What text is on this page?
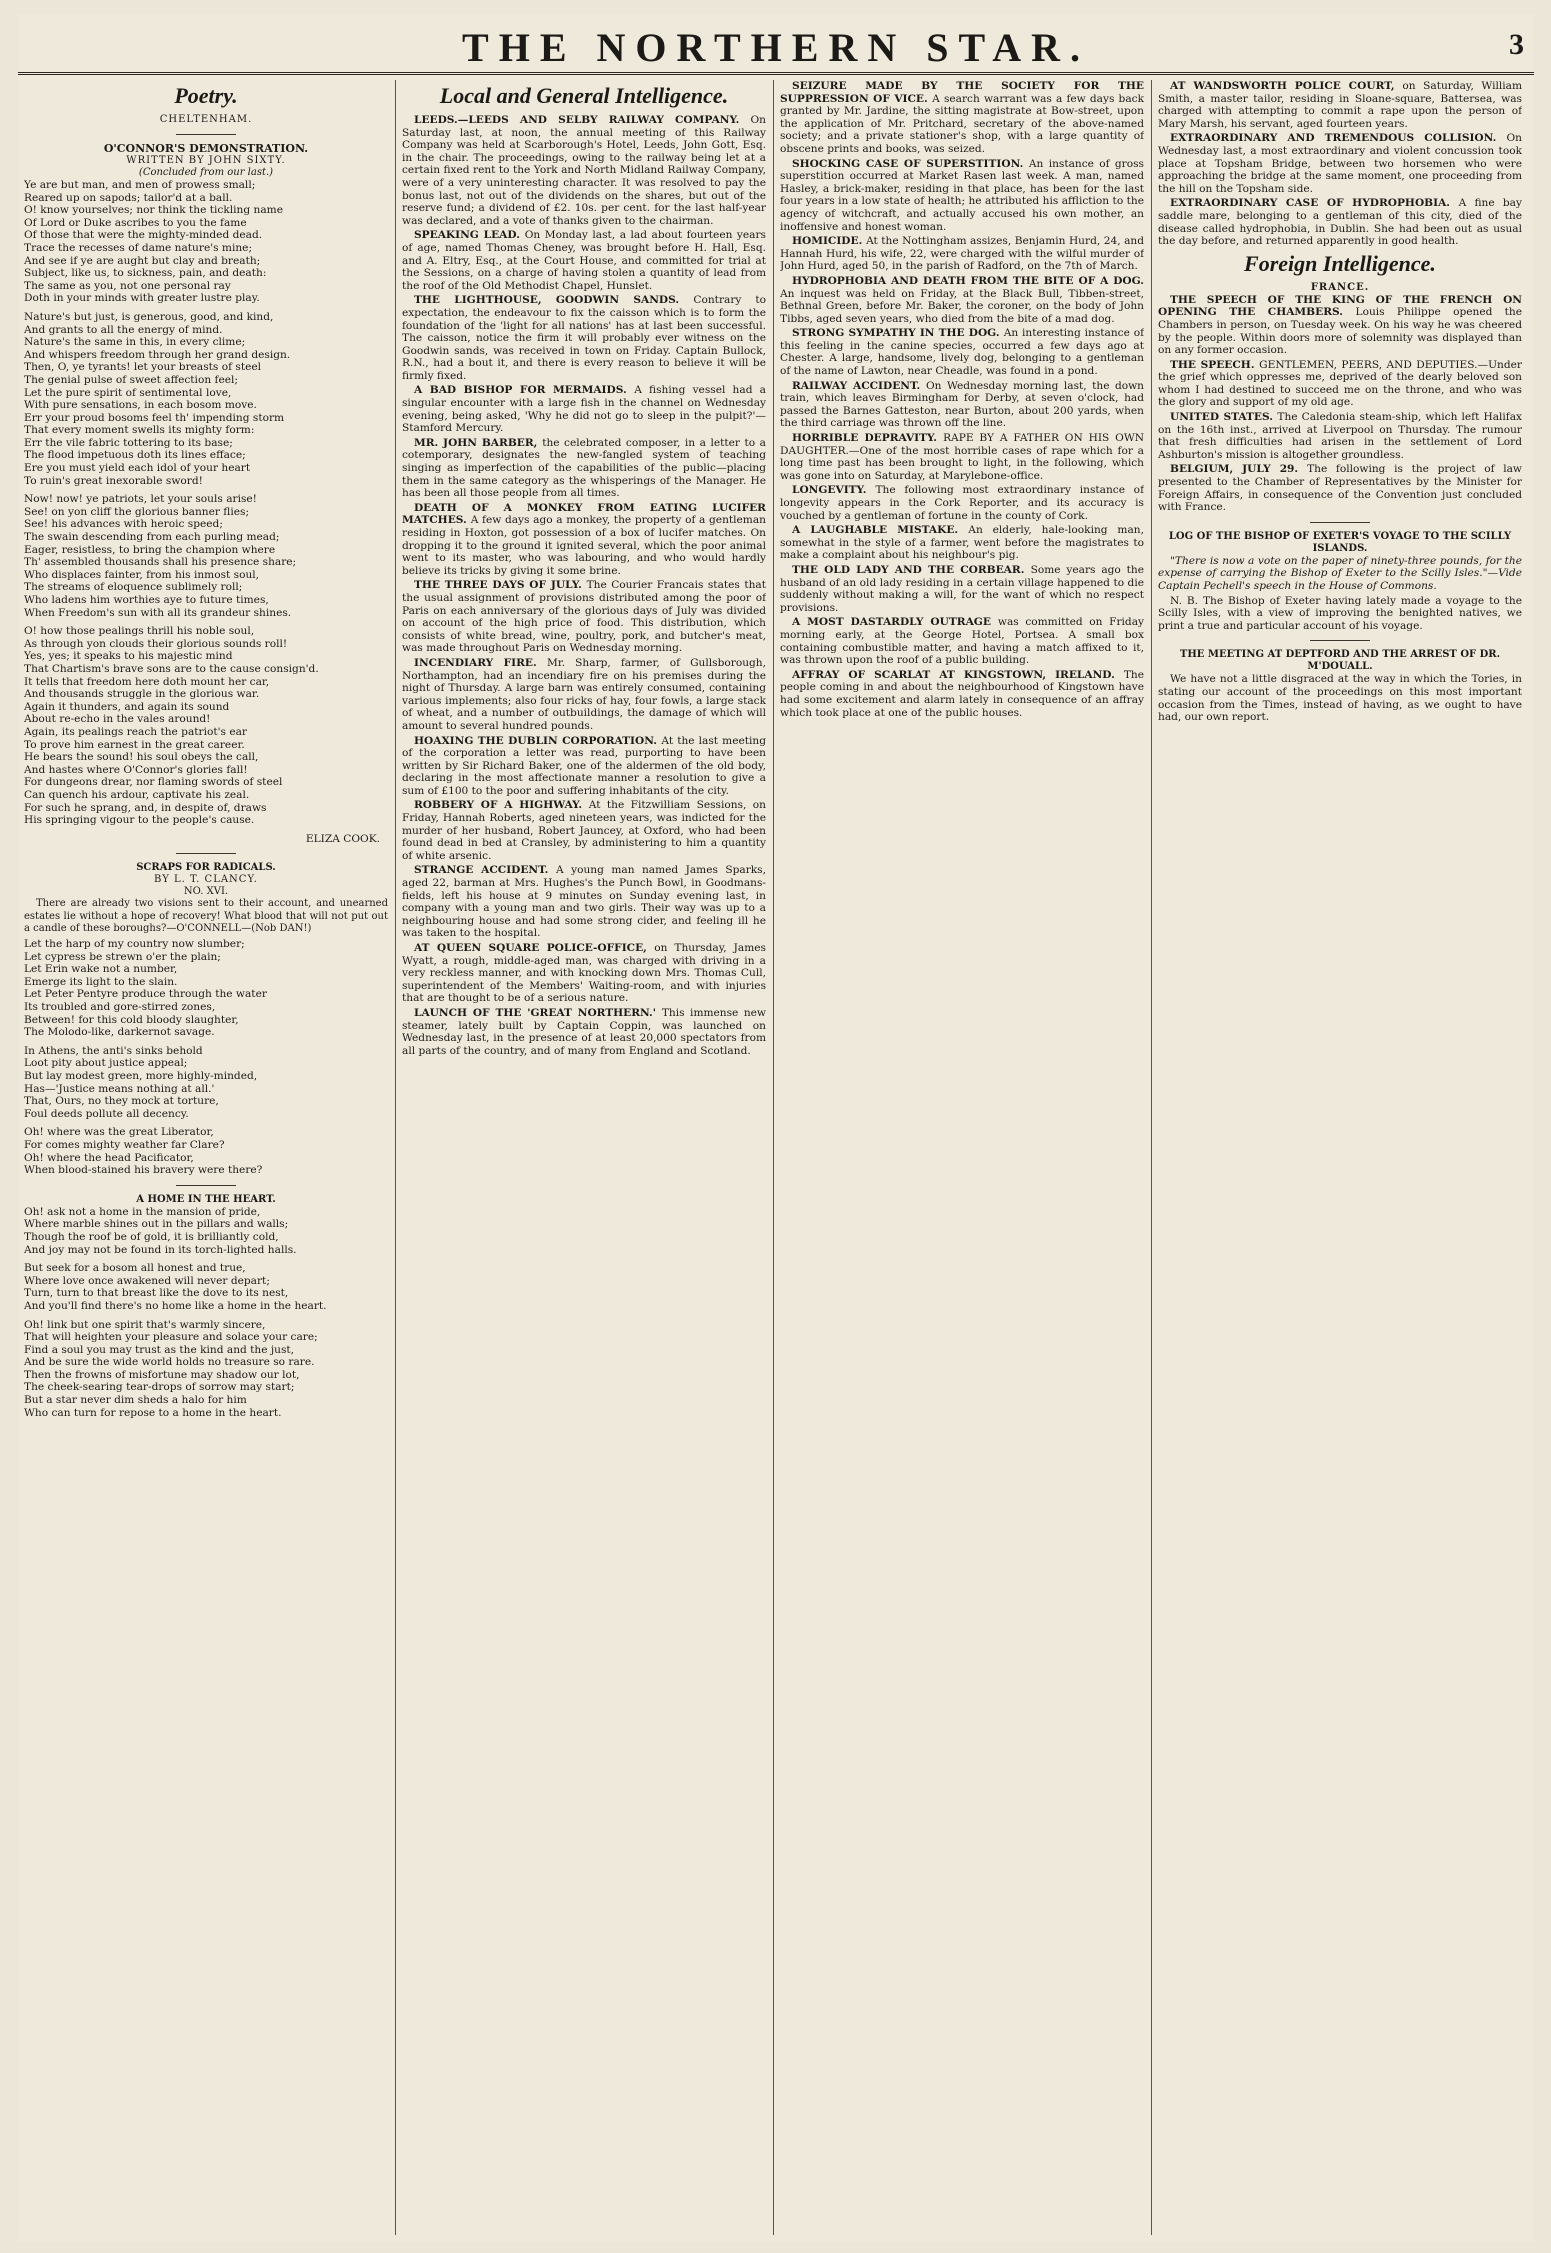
THE NORTHERN STAR.	3
Poetry.
CHELTENHAM.
O'CONNOR'S DEMONSTRATION.
WRITTEN BY JOHN SIXTY.
(Concluded from our last.)

Ye are but man, and men of prowess small;

Reared up on sapods; tailor'd at a ball.

O! know yourselves; nor think the tickling name

Of Lord or Duke ascribes to you the fame

Of those that were the mighty-minded dead.

Trace the recesses of dame nature's mine;

And see if ye are aught but clay and breath;

Subject, like us, to sickness, pain, and death:

The same as you, not one personal ray

Doth in your minds with greater lustre play.

Nature's but just, is generous, good, and kind,

And grants to all the energy of mind.

Nature's the same in this, in every clime;

And whispers freedom through her grand design.

Then, O, ye tyrants! let your breasts of steel

The genial pulse of sweet affection feel;

Let the pure spirit of sentimental love,

With pure sensations, in each bosom move.

Err your proud bosoms feel th' impending storm

That every moment swells its mighty form:

Err the vile fabric tottering to its base;

The flood impetuous doth its lines efface;

Ere you must yield each idol of your heart

To ruin's great inexorable sword!

Now! now! ye patriots, let your souls arise!

See! on yon cliff the glorious banner flies;

See! his advances with heroic speed;

The swain descending from each purling mead;

Eager, resistless, to bring the champion where

Th' assembled thousands shall his presence share;

Who displaces fainter, from his inmost soul,

The streams of eloquence sublimely roll;

Who ladens him worthies aye to future times,

When Freedom's sun with all its grandeur shines.

O! how those pealings thrill his noble soul,

As through yon clouds their glorious sounds roll!

Yes, yes; it speaks to his majestic mind

That Chartism's brave sons are to the cause consign'd.

It tells that freedom here doth mount her car,

And thousands struggle in the glorious war.

Again it thunders, and again its sound

About re-echo in the vales around!

Again, its pealings reach the patriot's ear

To prove him earnest in the great career.

He bears the sound! his soul obeys the call,

And hastes where O'Connor's glories fall!

For dungeons drear, nor flaming swords of steel

Can quench his ardour, captivate his zeal.

For such he sprang, and, in despite of, draws

His springing vigour to the people's cause.

ELIZA COOK.
SCRAPS FOR RADICALS.
BY L. T. CLANCY.
NO. XVI.

There are already two visions sent to their account, and unearned estates lie without a hope of recovery! What blood that will not put out a candle of these boroughs?—O'CONNELL—(Nob DAN!)

Let the harp of my country now slumber;

Let cypress be strewn o'er the plain;

Let Erin wake not a number,

Emerge its light to the slain.

Let Peter Pentyre produce through the water

Its troubled and gore-stirred zones,

Between! for this cold bloody slaughter,

The Molodo-like, darkernot savage.

In Athens, the anti's sinks behold

Loot pity about justice appeal;

But lay modest green, more highly-minded,

Has—'Justice means nothing at all.'

That, Ours, no they mock at torture,

Foul deeds pollute all decency.

Oh! where was the great Liberator,

For comes mighty weather far Clare?

Oh! where the head Pacificator,

When blood-stained his bravery were there?

A HOME IN THE HEART.

Oh! ask not a home in the mansion of pride,

Where marble shines out in the pillars and walls;

Though the roof be of gold, it is brilliantly cold,

And joy may not be found in its torch-lighted halls.

But seek for a bosom all honest and true,

Where love once awakened will never depart;

Turn, turn to that breast like the dove to its nest,

And you'll find there's no home like a home in the heart.

Oh! link but one spirit that's warmly sincere,

That will heighten your pleasure and solace your care;

Find a soul you may trust as the kind and the just,

And be sure the wide world holds no treasure so rare.

Then the frowns of misfortune may shadow our lot,

The cheek-searing tear-drops of sorrow may start;

But a star never dim sheds a halo for him

Who can turn for repose to a home in the heart.

Local and General Intelligence.

LEEDS.—LEEDS AND SELBY RAILWAY COMPANY. On Saturday last, at noon, the annual meeting of this Railway Company was held at Scarborough's Hotel, Leeds, John Gott, Esq. in the chair. The proceedings, owing to the railway being let at a certain fixed rent to the York and North Midland Railway Company, were of a very uninteresting character. It was resolved to pay the bonus last, not out of the dividends on the shares, but out of the reserve fund; a dividend of £2. 10s. per cent. for the last half-year was declared, and a vote of thanks given to the chairman.

SPEAKING LEAD. On Monday last, a lad about fourteen years of age, named Thomas Cheney, was brought before H. Hall, Esq. and A. Eltry, Esq., at the Court House, and committed for trial at the Sessions, on a charge of having stolen a quantity of lead from the roof of the Old Methodist Chapel, Hunslet.

THE LIGHTHOUSE, GOODWIN SANDS. Contrary to expectation, the endeavour to fix the caisson which is to form the foundation of the 'light for all nations' has at last been successful. The caisson, notice the firm it will probably ever witness on the Goodwin sands, was received in town on Friday. Captain Bullock, R.N., had a bout it, and there is every reason to believe it will be firmly fixed.

A BAD BISHOP FOR MERMAIDS. A fishing vessel had a singular encounter with a large fish in the channel on Wednesday evening, being asked, 'Why he did not go to sleep in the pulpit?'—Stamford Mercury.

MR. JOHN BARBER, the celebrated composer, in a letter to a cotemporary, designates the new-fangled system of teaching singing as imperfection of the capabilities of the public—placing them in the same category as the whisperings of the Manager. He has been all those people from all times.

DEATH OF A MONKEY FROM EATING LUCIFER MATCHES. A few days ago a monkey, the property of a gentleman residing in Hoxton, got possession of a box of lucifer matches. On dropping it to the ground it ignited several, which the poor animal went to its master, who was labouring, and who would hardly believe its tricks by giving it some brine.

THE THREE DAYS OF JULY. The Courier Francais states that the usual assignment of provisions distributed among the poor of Paris on each anniversary of the glorious days of July was divided on account of the high price of food. This distribution, which consists of white bread, wine, poultry, pork, and butcher's meat, was made throughout Paris on Wednesday morning.

INCENDIARY FIRE. Mr. Sharp, farmer, of Gullsborough, Northampton, had an incendiary fire on his premises during the night of Thursday. A large barn was entirely consumed, containing various implements; also four ricks of hay, four fowls, a large stack of wheat, and a number of outbuildings, the damage of which will amount to several hundred pounds.

HOAXING THE DUBLIN CORPORATION. At the last meeting of the corporation a letter was read, purporting to have been written by Sir Richard Baker, one of the aldermen of the old body, declaring in the most affectionate manner a resolution to give a sum of £100 to the poor and suffering inhabitants of the city.

ROBBERY OF A HIGHWAY. At the Fitzwilliam Sessions, on Friday, Hannah Roberts, aged nineteen years, was indicted for the murder of her husband, Robert Jauncey, at Oxford, who had been found dead in bed at Cransley, by administering to him a quantity of white arsenic.

STRANGE ACCIDENT. A young man named James Sparks, aged 22, barman at Mrs. Hughes's the Punch Bowl, in Goodmans-fields, left his house at 9 minutes on Sunday evening last, in company with a young man and two girls. Their way was up to a neighbouring house and had some strong cider, and feeling ill he was taken to the hospital.

AT QUEEN SQUARE POLICE-OFFICE, on Thursday, James Wyatt, a rough, middle-aged man, was charged with driving in a very reckless manner, and with knocking down Mrs. Thomas Cull, superintendent of the Members' Waiting-room, and with injuries that are thought to be of a serious nature.

LAUNCH OF THE 'GREAT NORTHERN.' This immense new steamer, lately built by Captain Coppin, was launched on Wednesday last, in the presence of at least 20,000 spectators from all parts of the country, and of many from England and Scotland.

SEIZURE MADE BY THE SOCIETY FOR THE SUPPRESSION OF VICE. A search warrant was a few days back granted by Mr. Jardine, the sitting magistrate at Bow-street, upon the application of Mr. Pritchard, secretary of the above-named society; and a private stationer's shop, with a large quantity of obscene prints and books, was seized.

SHOCKING CASE OF SUPERSTITION. An instance of gross superstition occurred at Market Rasen last week. A man, named Hasley, a brick-maker, residing in that place, has been for the last four years in a low state of health; he attributed his affliction to the agency of witchcraft, and actually accused his own mother, an inoffensive and honest woman.

HOMICIDE. At the Nottingham assizes, Benjamin Hurd, 24, and Hannah Hurd, his wife, 22, were charged with the wilful murder of John Hurd, aged 50, in the parish of Radford, on the 7th of March.

HYDROPHOBIA AND DEATH FROM THE BITE OF A DOG. An inquest was held on Friday, at the Black Bull, Tibben-street, Bethnal Green, before Mr. Baker, the coroner, on the body of John Tibbs, aged seven years, who died from the bite of a mad dog.

STRONG SYMPATHY IN THE DOG. An interesting instance of this feeling in the canine species, occurred a few days ago at Chester. A large, handsome, lively dog, belonging to a gentleman of the name of Lawton, near Cheadle, was found in a pond.

RAILWAY ACCIDENT. On Wednesday morning last, the down train, which leaves Birmingham for Derby, at seven o'clock, had passed the Barnes Gatteston, near Burton, about 200 yards, when the third carriage was thrown off the line.

HORRIBLE DEPRAVITY. RAPE BY A FATHER ON HIS OWN DAUGHTER.—One of the most horrible cases of rape which for a long time past has been brought to light, in the following, which was gone into on Saturday, at Marylebone-office.

LONGEVITY. The following most extraordinary instance of longevity appears in the Cork Reporter, and its accuracy is vouched by a gentleman of fortune in the county of Cork.

A LAUGHABLE MISTAKE. An elderly, hale-looking man, somewhat in the style of a farmer, went before the magistrates to make a complaint about his neighbour's pig.

THE OLD LADY AND THE CORBEAR. Some years ago the husband of an old lady residing in a certain village happened to die suddenly without making a will, for the want of which no respect provisions.

A MOST DASTARDLY OUTRAGE was committed on Friday morning early, at the George Hotel, Portsea. A small box containing combustible matter, and having a match affixed to it, was thrown upon the roof of a public building.

AFFRAY OF SCARLAT AT KINGSTOWN, IRELAND. The people coming in and about the neighbourhood of Kingstown have had some excitement and alarm lately in consequence of an affray which took place at one of the public houses.

AT WANDSWORTH POLICE COURT, on Saturday, William Smith, a master tailor, residing in Sloane-square, Battersea, was charged with attempting to commit a rape upon the person of Mary Marsh, his servant, aged fourteen years.

EXTRAORDINARY AND TREMENDOUS COLLISION. On Wednesday last, a most extraordinary and violent concussion took place at Topsham Bridge, between two horsemen who were approaching the bridge at the same moment, one proceeding from the hill on the Topsham side.

EXTRAORDINARY CASE OF HYDROPHOBIA. A fine bay saddle mare, belonging to a gentleman of this city, died of the disease called hydrophobia, in Dublin. She had been out as usual the day before, and returned apparently in good health.

Foreign Intelligence.
FRANCE.

THE SPEECH OF THE KING OF THE FRENCH ON OPENING THE CHAMBERS. Louis Philippe opened the Chambers in person, on Tuesday week. On his way he was cheered by the people. Within doors more of solemnity was displayed than on any former occasion.

THE SPEECH. GENTLEMEN, PEERS, AND DEPUTIES.—Under the grief which oppresses me, deprived of the dearly beloved son whom I had destined to succeed me on the throne, and who was the glory and support of my old age.

UNITED STATES. The Caledonia steam-ship, which left Halifax on the 16th inst., arrived at Liverpool on Thursday. The rumour that fresh difficulties had arisen in the settlement of Lord Ashburton's mission is altogether groundless.

BELGIUM, JULY 29. The following is the project of law presented to the Chamber of Representatives by the Minister for Foreign Affairs, in consequence of the Convention just concluded with France.

LOG OF THE BISHOP OF EXETER'S VOYAGE TO THE SCILLY ISLANDS.

"There is now a vote on the paper of ninety-three pounds, for the expense of carrying the Bishop of Exeter to the Scilly Isles."—Vide Captain Pechell's speech in the House of Commons.

N. B. The Bishop of Exeter having lately made a voyage to the Scilly Isles, with a view of improving the benighted natives, we print a true and particular account of his voyage.

THE MEETING AT DEPTFORD AND THE ARREST OF DR. M'DOUALL.

We have not a little disgraced at the way in which the Tories, in stating our account of the proceedings on this most important occasion from the Times, instead of having, as we ought to have had, our own report.
